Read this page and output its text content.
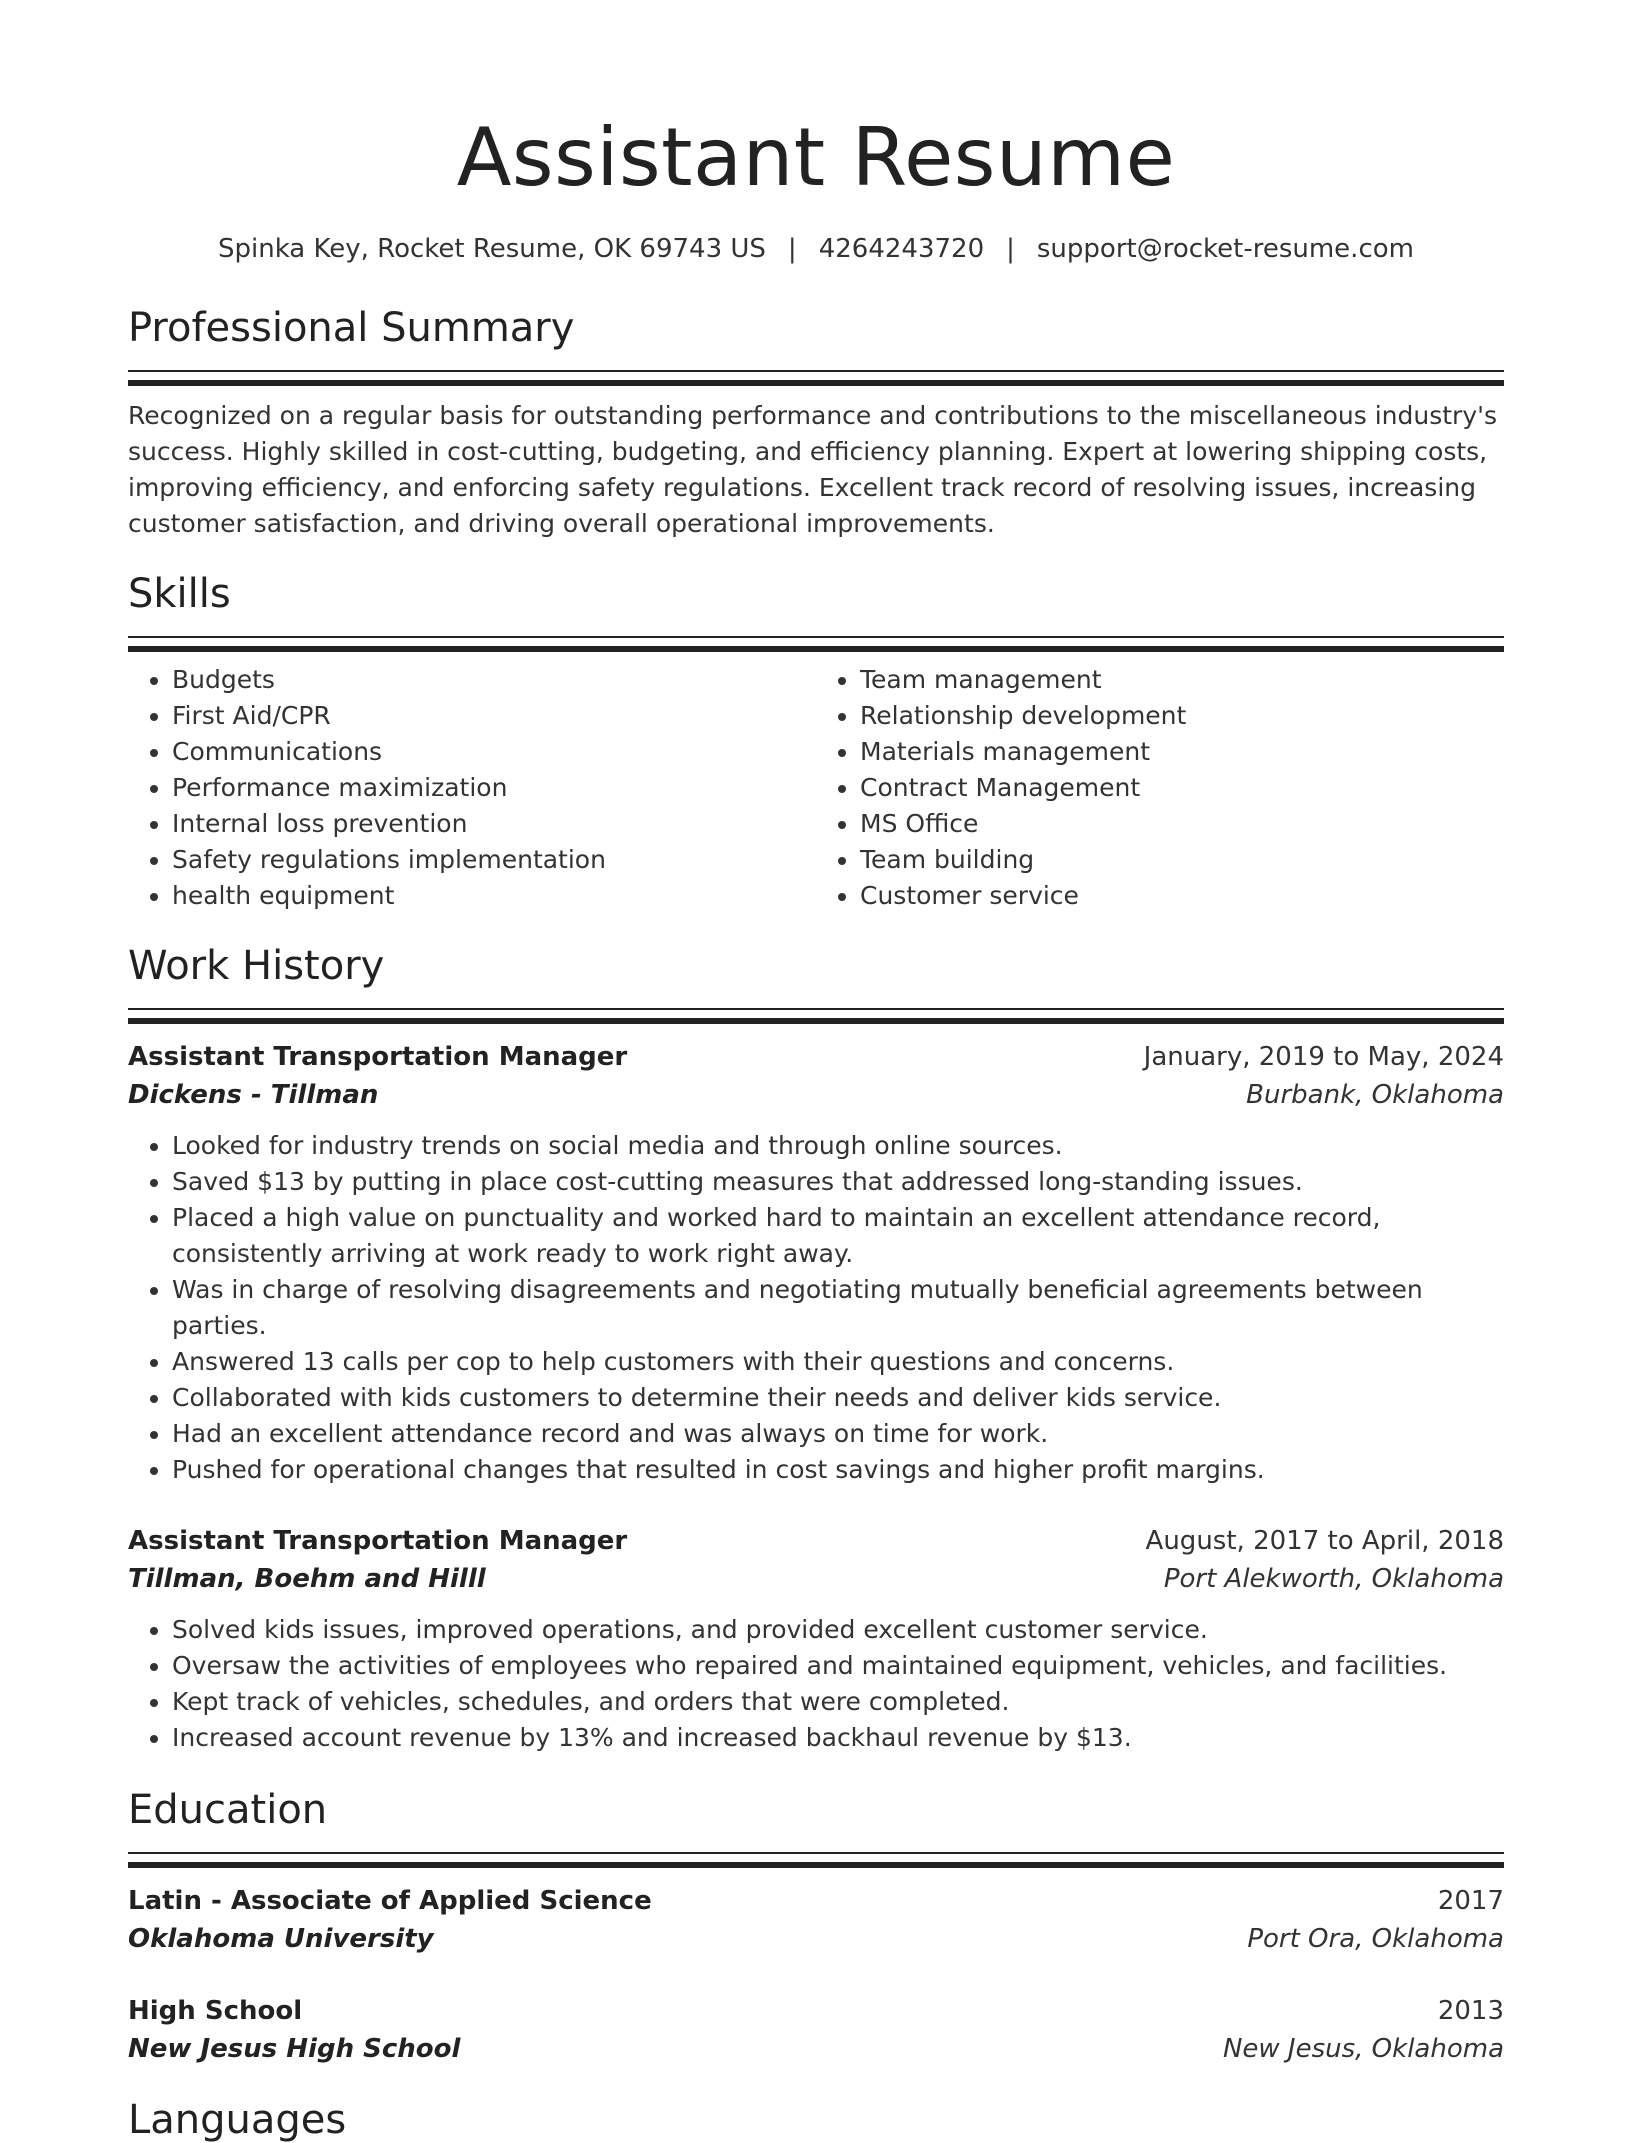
Assistant Resume
Spinka Key, Rocket Resume, OK 69743 US | 4264243720 | support@rocket-resume.com
Professional Summary
Recognized on a regular basis for outstanding performance and contributions to the miscellaneous industry's success. Highly skilled in cost-cutting, budgeting, and efficiency planning. Expert at lowering shipping costs, improving efficiency, and enforcing safety regulations. Excellent track record of resolving issues, increasing customer satisfaction, and driving overall operational improvements.
Skills
• Budgets
• First Aid/CPR
• Communications
• Performance maximization
• Internal loss prevention
• Safety regulations implementation
• health equipment
• Team management
• Relationship development
• Materials management
• Contract Management
• MS Office
• Team building
• Customer service
Work History
Assistant Transportation Manager	January, 2019 to May, 2024
Dickens - Tillman	Burbank, Oklahoma
• Looked for industry trends on social media and through online sources.
• Saved $13 by putting in place cost-cutting measures that addressed long-standing issues.
• Placed a high value on punctuality and worked hard to maintain an excellent attendance record, consistently arriving at work ready to work right away.
• Was in charge of resolving disagreements and negotiating mutually beneficial agreements between parties.
• Answered 13 calls per cop to help customers with their questions and concerns.
• Collaborated with kids customers to determine their needs and deliver kids service.
• Had an excellent attendance record and was always on time for work.
• Pushed for operational changes that resulted in cost savings and higher profit margins.
Assistant Transportation Manager	August, 2017 to April, 2018
Tillman, Boehm and Hilll	Port Alekworth, Oklahoma
• Solved kids issues, improved operations, and provided excellent customer service.
• Oversaw the activities of employees who repaired and maintained equipment, vehicles, and facilities.
• Kept track of vehicles, schedules, and orders that were completed.
• Increased account revenue by 13% and increased backhaul revenue by $13.
Education
Latin - Associate of Applied Science	2017
Oklahoma University	Port Ora, Oklahoma
High School	2013
New Jesus High School	New Jesus, Oklahoma
Languages
